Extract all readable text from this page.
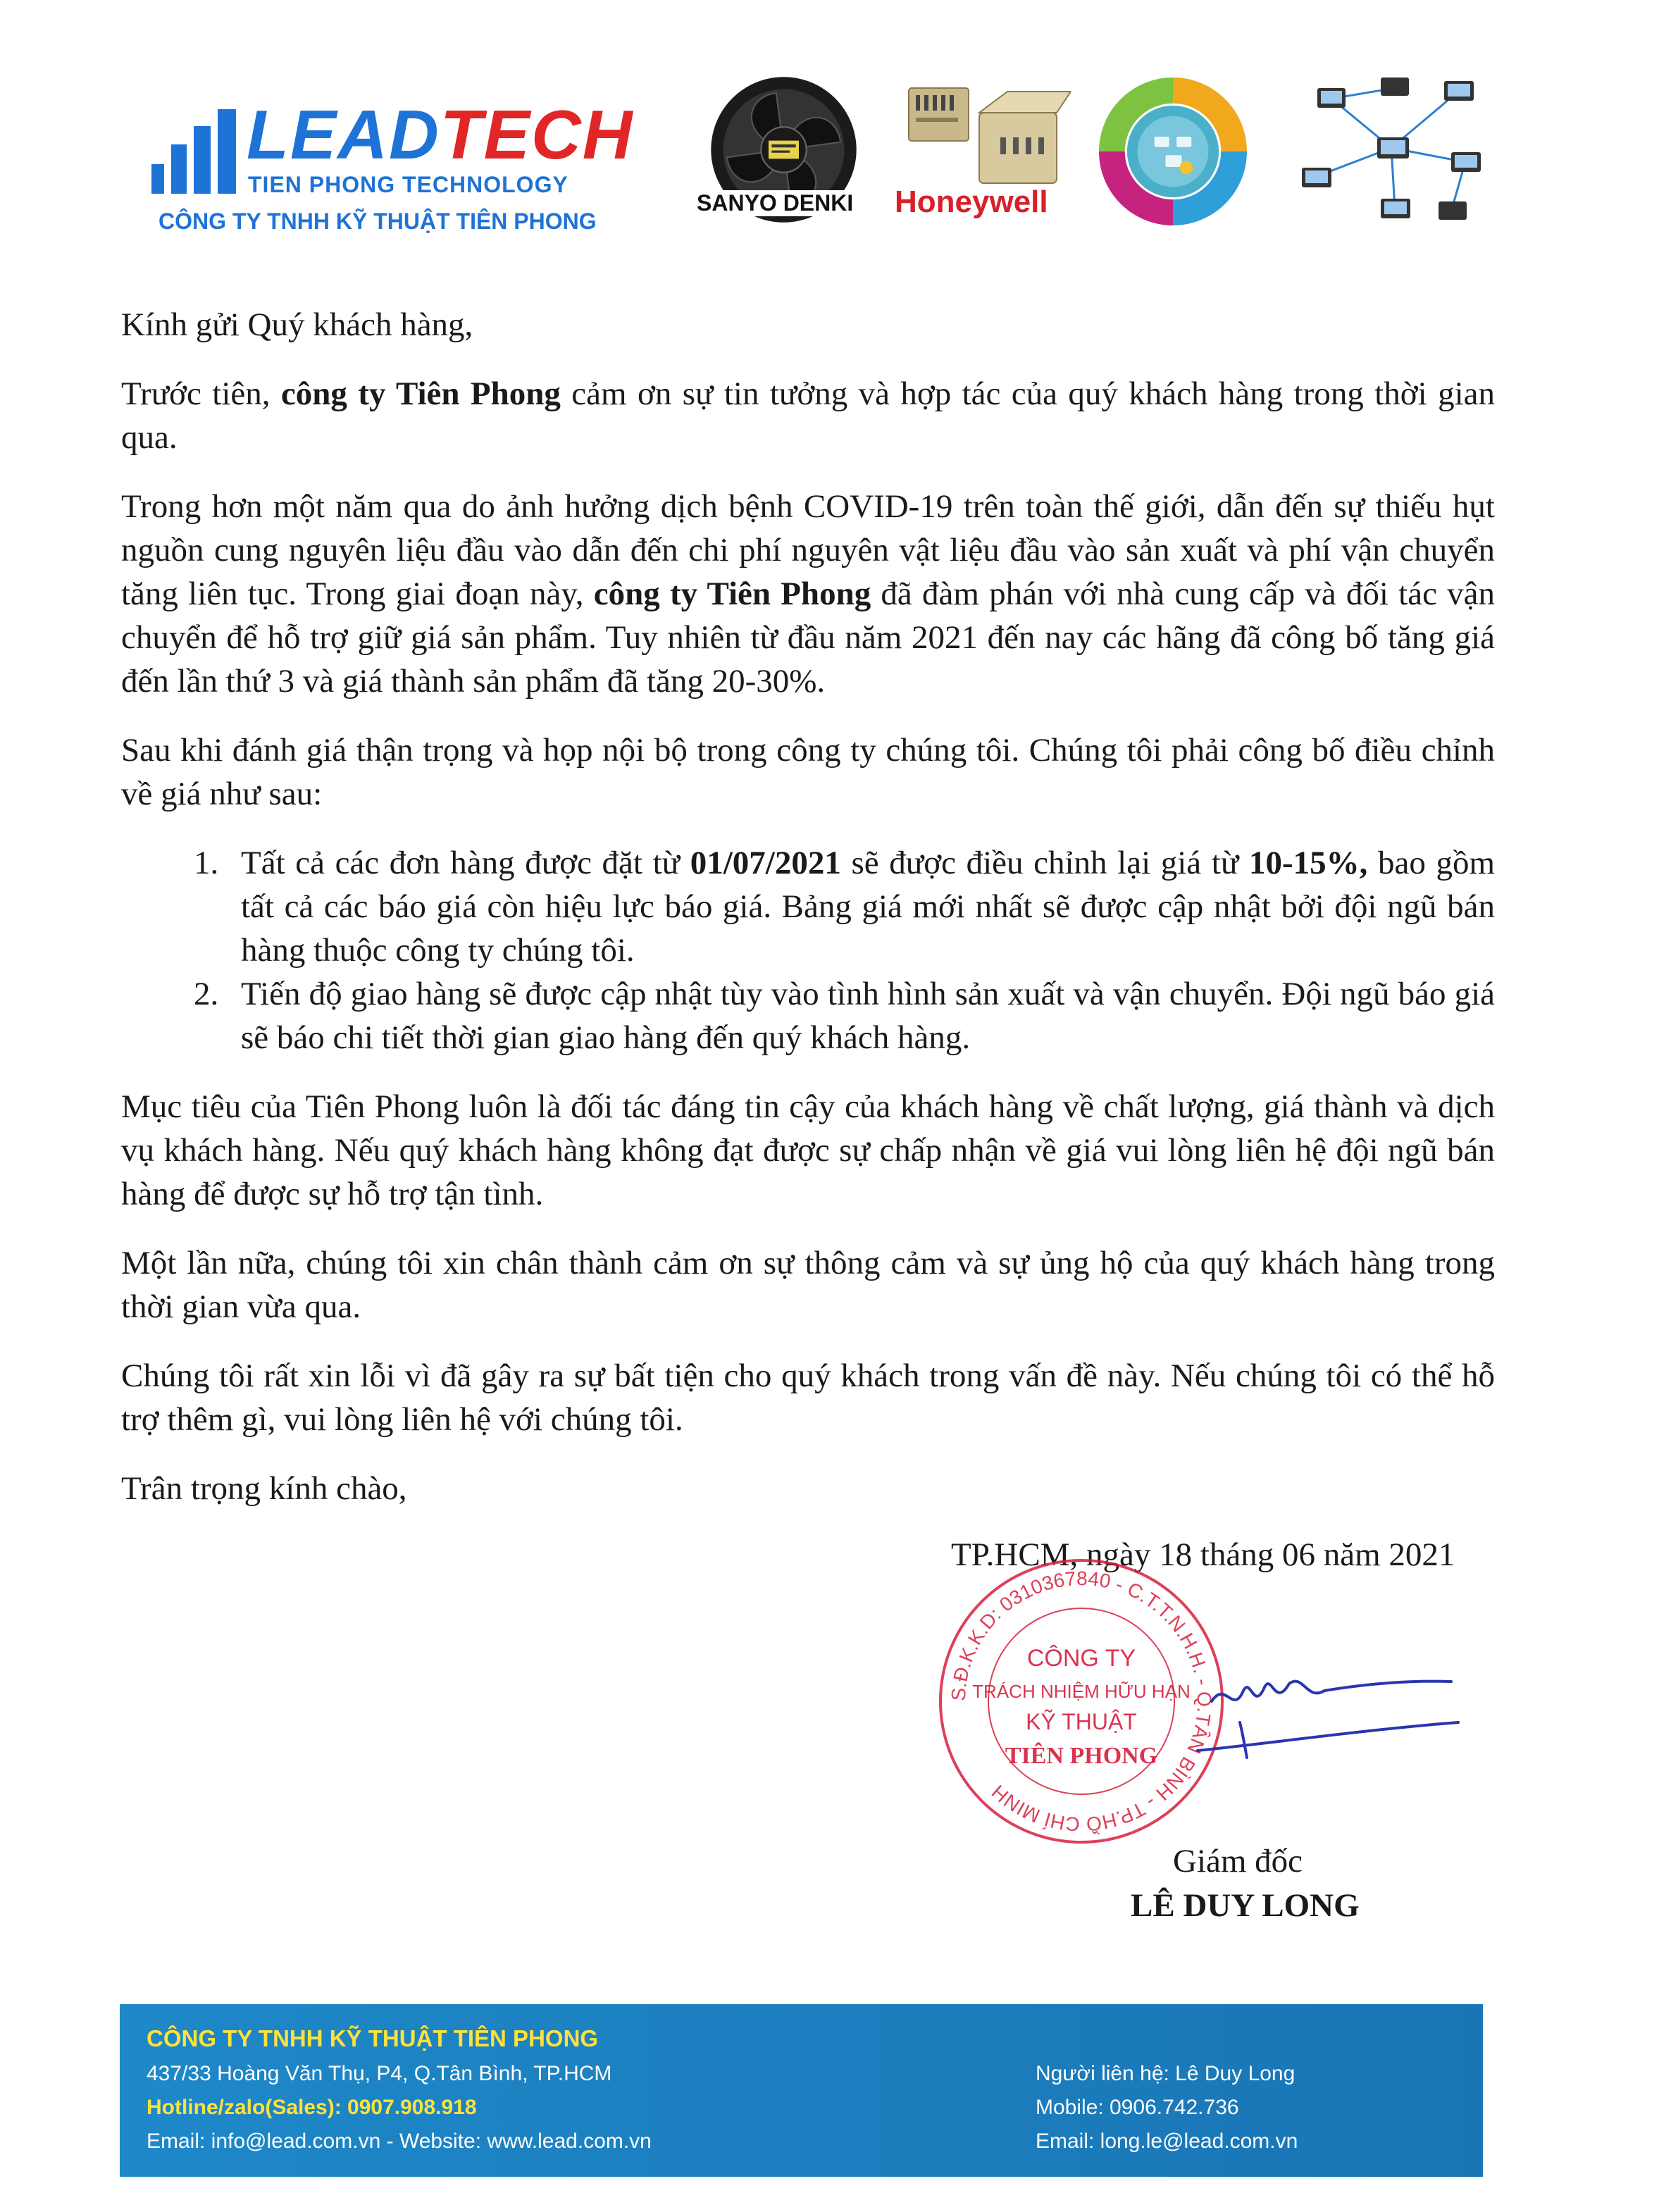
LEADTECH
TIEN PHONG TECHNOLOGY
CÔNG TY TNHH KỸ THUẬT TIÊN PHONG
SANYO DENKI Honeywell

Kính gửi Quý khách hàng,

Trước tiên, công ty Tiên Phong cảm ơn sự tin tưởng và hợp tác của quý khách hàng trong thời gian qua.

Trong hơn một năm qua do ảnh hưởng dịch bệnh COVID-19 trên toàn thế giới, dẫn đến sự thiếu hụt nguồn cung nguyên liệu đầu vào dẫn đến chi phí nguyên vật liệu đầu vào sản xuất và phí vận chuyển tăng liên tục. Trong giai đoạn này, công ty Tiên Phong đã đàm phán với nhà cung cấp và đối tác vận chuyển để hỗ trợ giữ giá sản phẩm. Tuy nhiên từ đầu năm 2021 đến nay các hãng đã công bố tăng giá đến lần thứ 3 và giá thành sản phẩm đã tăng 20-30%.

Sau khi đánh giá thận trọng và họp nội bộ trong công ty chúng tôi. Chúng tôi phải công bố điều chỉnh về giá như sau:

1. Tất cả các đơn hàng được đặt từ 01/07/2021 sẽ được điều chỉnh lại giá từ 10-15%, bao gồm tất cả các báo giá còn hiệu lực báo giá. Bảng giá mới nhất sẽ được cập nhật bởi đội ngũ bán hàng thuộc công ty chúng tôi.
2. Tiến độ giao hàng sẽ được cập nhật tùy vào tình hình sản xuất và vận chuyển. Đội ngũ báo giá sẽ báo chi tiết thời gian giao hàng đến quý khách hàng.

Mục tiêu của Tiên Phong luôn là đối tác đáng tin cậy của khách hàng về chất lượng, giá thành và dịch vụ khách hàng. Nếu quý khách hàng không đạt được sự chấp nhận về giá vui lòng liên hệ đội ngũ bán hàng để được sự hỗ trợ tận tình.

Một lần nữa, chúng tôi xin chân thành cảm ơn sự thông cảm và sự ủng hộ của quý khách hàng trong thời gian vừa qua.

Chúng tôi rất xin lỗi vì đã gây ra sự bất tiện cho quý khách trong vấn đề này. Nếu chúng tôi có thể hỗ trợ thêm gì, vui lòng liên hệ với chúng tôi.

Trân trọng kính chào,

TP.HCM, ngày 18 tháng 06 năm 2021
S.Đ.K.K.D: 0310367840 - C.T.T.N.H.H. - Q.TÂN BÌNH - TP.HỒ CHÍ MINH
CÔNG TY
TRÁCH NHIỆM HỮU HẠN
KỸ THUẬT
TIÊN PHONG
Giám đốc
LÊ DUY LONG
CÔNG TY TNHH KỸ THUẬT TIÊN PHONG
437/33 Hoàng Văn Thụ, P4, Q.Tân Bình, TP.HCM
Hotline/zalo(Sales): 0907.908.918
Email: info@lead.com.vn - Website: www.lead.com.vn
Người liên hệ: Lê Duy Long
Mobile: 0906.742.736
Email: long.le@lead.com.vn
